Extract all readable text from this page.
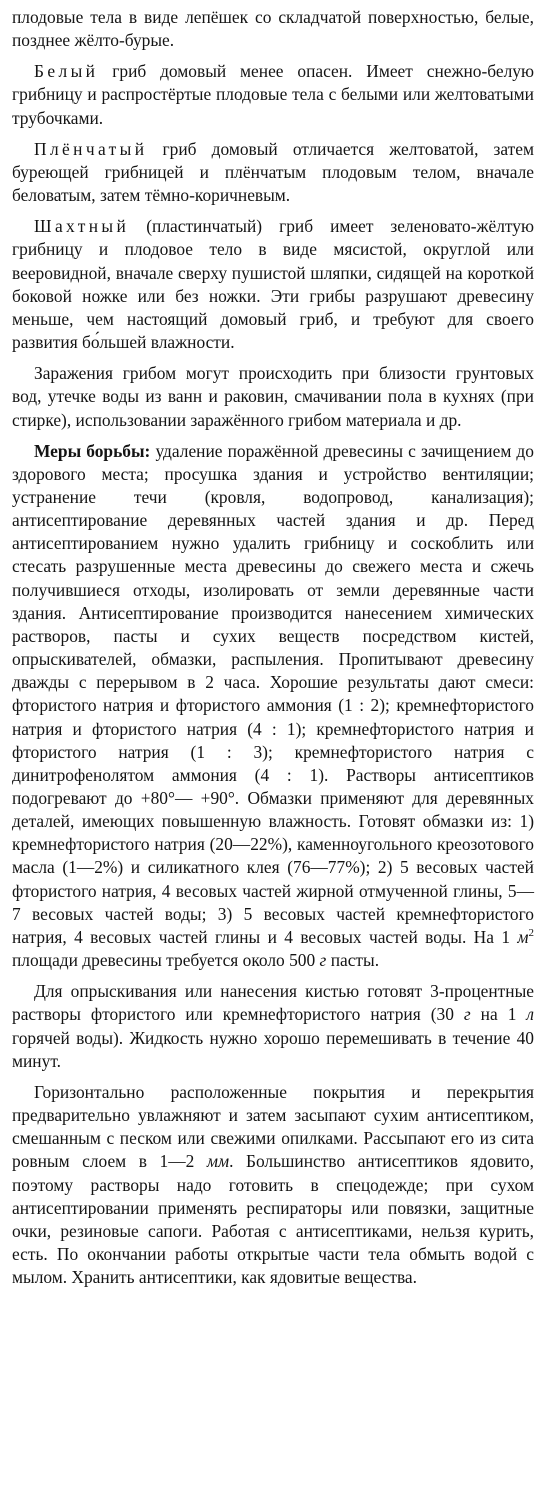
плодовые тела в виде лепёшек со складчатой поверхностью, белые, позднее жёлто-бурые.

Белый гриб домовый менее опасен. Имеет снежно-белую грибницу и распростёртые плодовые тела с белыми или желтоватыми трубочками.

Плёнчатый гриб домовый отличается желтоватой, затем буреющей грибницей и плёнчатым плодовым телом, вначале беловатым, затем тёмно-коричневым.

Шахтный (пластинчатый) гриб имеет зеленовато-жёлтую грибницу и плодовое тело в виде мясистой, округлой или вееровидной, вначале сверху пушистой шляпки, сидящей на короткой боковой ножке или без ножки. Эти грибы разрушают древесину меньше, чем настоящий домовый гриб, и требуют для своего развития бо́льшей влажности.

Заражения грибом могут происходить при близости грунтовых вод, утечке воды из ванн и раковин, смачивании пола в кухнях (при стирке), использовании заражённого грибом материала и др.

Меры борьбы: удаление поражённой древесины с зачищением до здорового места; просушка здания и устройство вентиляции; устранение течи (кровля, водопровод, канализация); антисептирование деревянных частей здания и др. Перед антисептированием нужно удалить грибницу и соскоблить или стесать разрушенные места древесины до свежего места и сжечь получившиеся отходы, изолировать от земли деревянные части здания. Антисептирование производится нанесением химических растворов, пасты и сухих веществ посредством кистей, опрыскивателей, обмазки, распыления. Пропитывают древесину дважды с перерывом в 2 часа. Хорошие результаты дают смеси: фтористого натрия и фтористого аммония (1 : 2); кремнефтористого натрия и фтористого натрия (4 : 1); кремнефтористого натрия и фтористого натрия (1 : 3); кремнефтористого натрия с динитрофенолятом аммония (4 : 1). Растворы антисептиков подогревают до +80°— +90°. Обмазки применяют для деревянных деталей, имеющих повышенную влажность. Готовят обмазки из: 1) кремнефтористого натрия (20—22%), каменноугольного креозотового масла (1—2%) и силикатного клея (76—77%); 2) 5 весовых частей фтористого натрия, 4 весовых частей жирной отмученной глины, 5—7 весовых частей воды; 3) 5 весовых частей кремнефтористого натрия, 4 весовых частей глины и 4 весовых частей воды. На 1 $м^2$ площади древесины требуется около 500 г пасты.

Для опрыскивания или нанесения кистью готовят 3-процентные растворы фтористого или кремнефтористого натрия (30 г на 1 л горячей воды). Жидкость нужно хорошо перемешивать в течение 40 минут.

Горизонтально расположенные покрытия и перекрытия предварительно увлажняют и затем засыпают сухим антисептиком, смешанным с песком или свежими опилками. Рассыпают его из сита ровным слоем в 1—2 мм. Большинство антисептиков ядовито, поэтому растворы надо готовить в спецодежде; при сухом антисептировании применять респираторы или повязки, защитные очки, резиновые сапоги. Работая с антисептиками, нельзя курить, есть. По окончании работы открытые части тела обмыть водой с мылом. Хранить антисептики, как ядовитые вещества.
